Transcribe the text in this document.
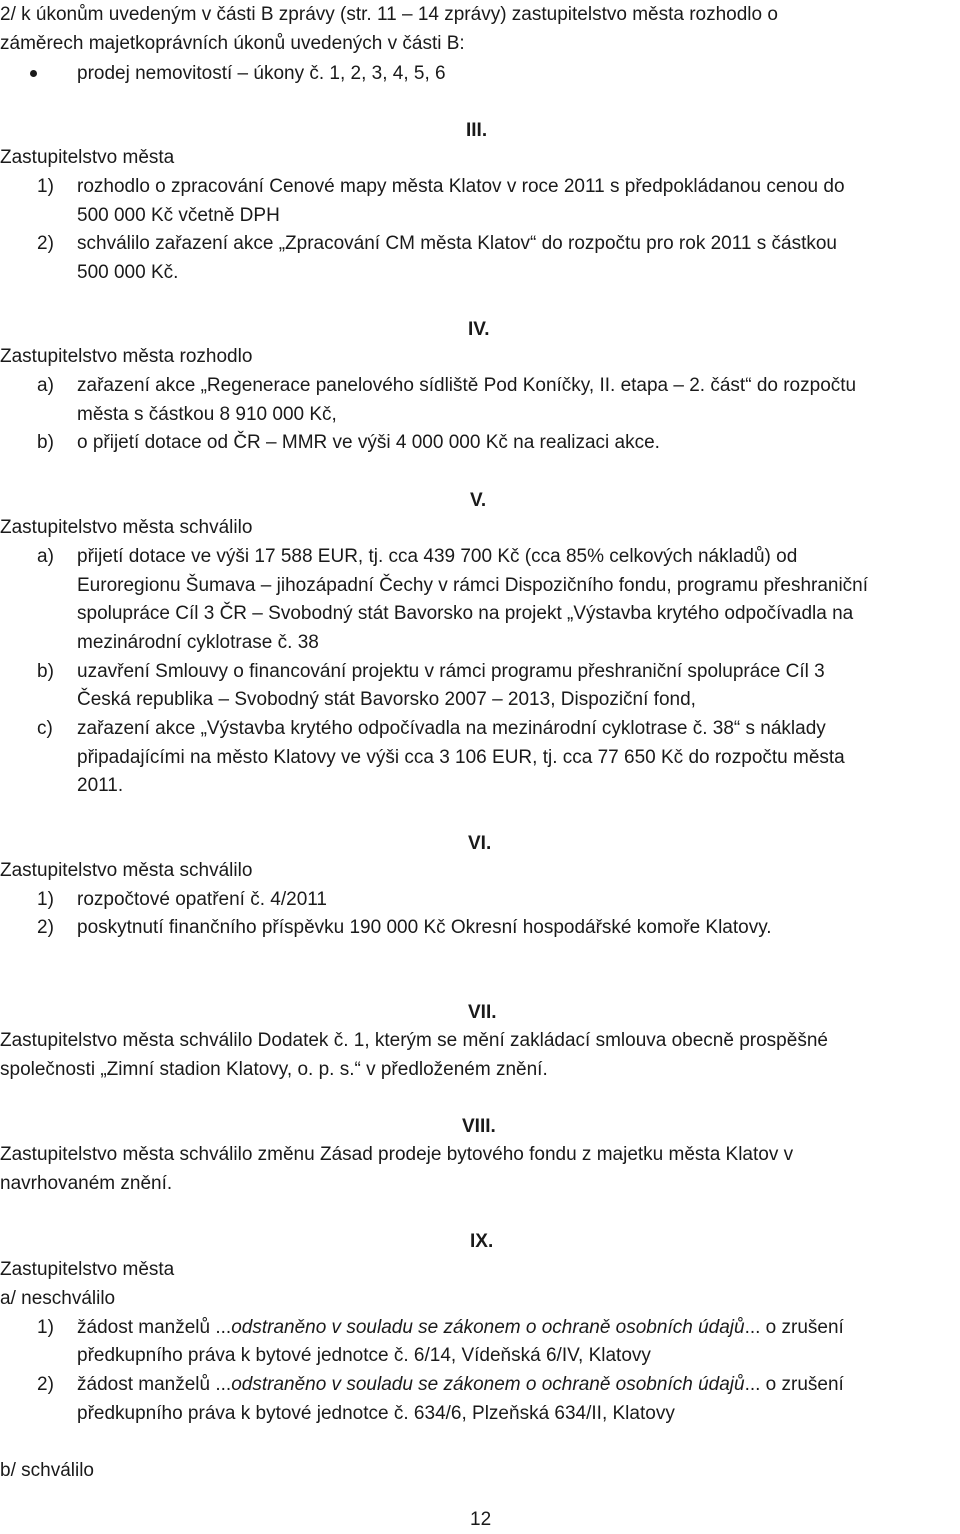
2/ k úkonům uvedeným v části B zprávy (str. 11 – 14 zprávy) zastupitelstvo města rozhodlo o
záměrech majetkoprávních úkonů uvedených v části B:
prodej nemovitostí – úkony č. 1, 2, 3, 4, 5, 6
III.
Zastupitelstvo města
1) rozhodlo o zpracování Cenové mapy města Klatov v roce 2011 s předpokládanou cenou do
500 000 Kč včetně DPH
2) schválilo zařazení akce „Zpracování CM města Klatov“ do rozpočtu pro rok 2011 s částkou
500 000 Kč.
IV.
Zastupitelstvo města rozhodlo
a) zařazení akce „Regenerace panelového sídliště Pod Koníčky, II. etapa – 2. část“ do rozpočtu
města s částkou 8 910 000 Kč,
b) o přijetí dotace od ČR – MMR ve výši 4 000 000 Kč na realizaci akce.
V.
Zastupitelstvo města schválilo
a) přijetí dotace ve výši 17 588 EUR, tj. cca 439 700 Kč (cca 85% celkových nákladů) od
Euroregionu Šumava – jihozápadní Čechy v rámci Dispozičního fondu, programu přeshraniční
spolupráce Cíl 3 ČR – Svobodný stát Bavorsko na projekt „Výstavba krytého odpočívadla na
mezinárodní cyklotrase č. 38
b) uzavření Smlouvy o financování projektu v rámci programu přeshraniční spolupráce Cíl 3
Česká republika – Svobodný stát Bavorsko 2007 – 2013, Dispoziční fond,
c) zařazení akce „Výstavba krytého odpočívadla na mezinárodní cyklotrase č. 38“ s náklady
připadajícími na město Klatovy ve výši cca 3 106 EUR, tj. cca 77 650 Kč do rozpočtu města
2011.
VI.
Zastupitelstvo města schválilo
1) rozpočtové opatření č. 4/2011
2) poskytnutí finančního příspěvku 190 000 Kč Okresní hospodářské komoře Klatovy.
VII.
Zastupitelstvo města schválilo Dodatek č. 1, kterým se mění zakládací smlouva obecně prospěšné
společnosti „Zimní stadion Klatovy, o. p. s.“ v předloženém znění.
VIII.
Zastupitelstvo města schválilo změnu Zásad prodeje bytového fondu z majetku města Klatov v
navrhovaném znění.
IX.
Zastupitelstvo města
a/ neschválilo
1) žádost manželů ...odstraněno v souladu se zákonem o ochraně osobních údajů... o zrušení
předkupního práva k bytové jednotce č. 6/14, Vídeňská 6/IV, Klatovy
2) žádost manželů ...odstraněno v souladu se zákonem o ochraně osobních údajů... o zrušení
předkupního práva k bytové jednotce č. 634/6, Plzeňská 634/II, Klatovy
b/ schválilo
12
